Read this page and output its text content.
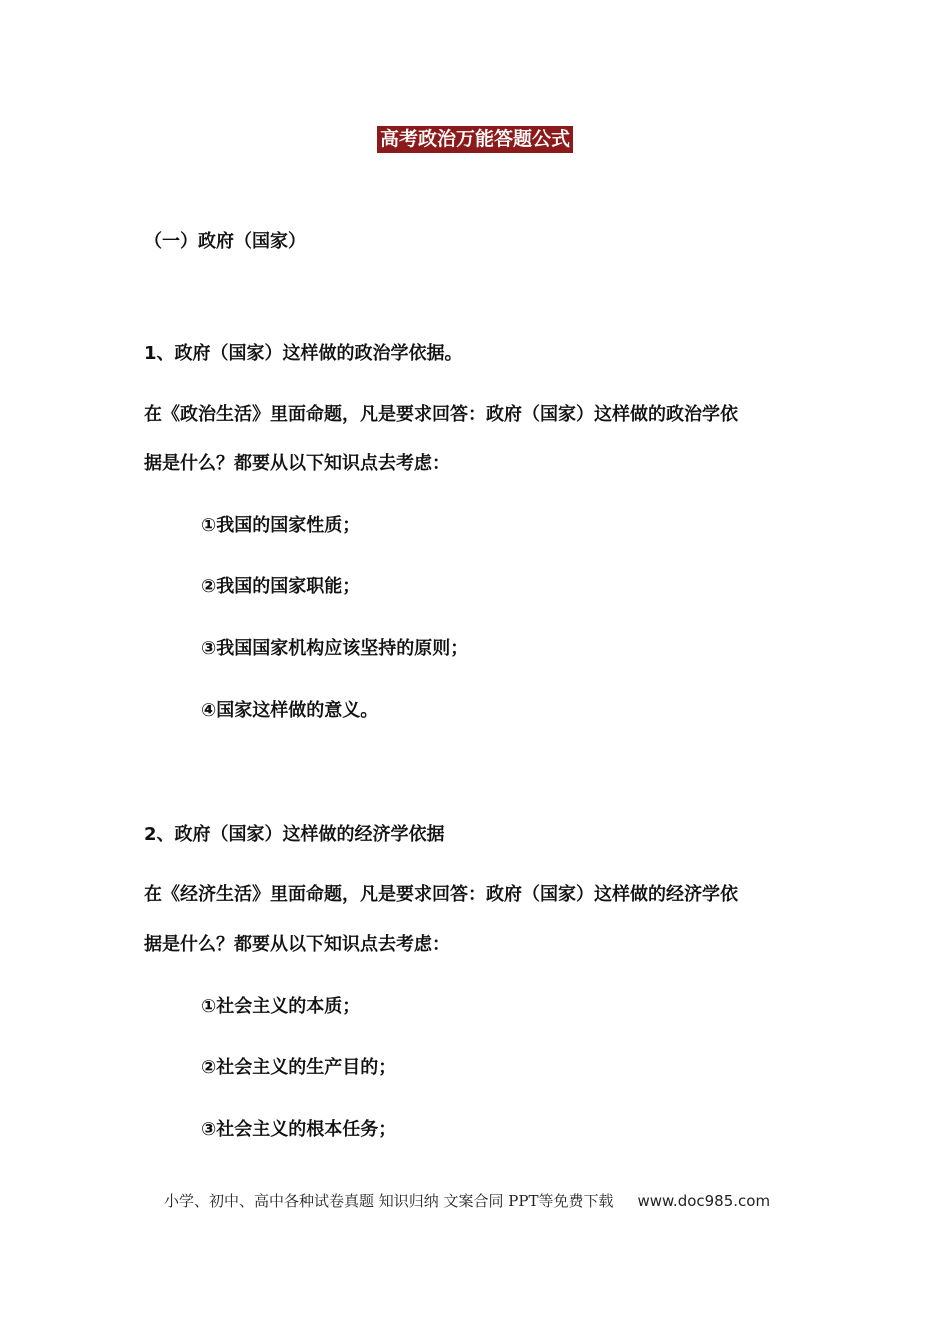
高考政治万能答题公式
（一）政府（国家）
1、政府（国家）这样做的政治学依据。
在《政治生活》里面命题，凡是要求回答：政府（国家）这样做的政治学依
据是什么？都要从以下知识点去考虑：
①我国的国家性质；
②我国的国家职能；
③我国国家机构应该坚持的原则；
④国家这样做的意义。
2、政府（国家）这样做的经济学依据
在《经济生活》里面命题，凡是要求回答：政府（国家）这样做的经济学依
据是什么？都要从以下知识点去考虑：
①社会主义的本质；
②社会主义的生产目的；
③社会主义的根本任务；
小学、初中、高中各种试卷真题 知识归纳 文案合同 PPT等免费下载 www.doc985.com
